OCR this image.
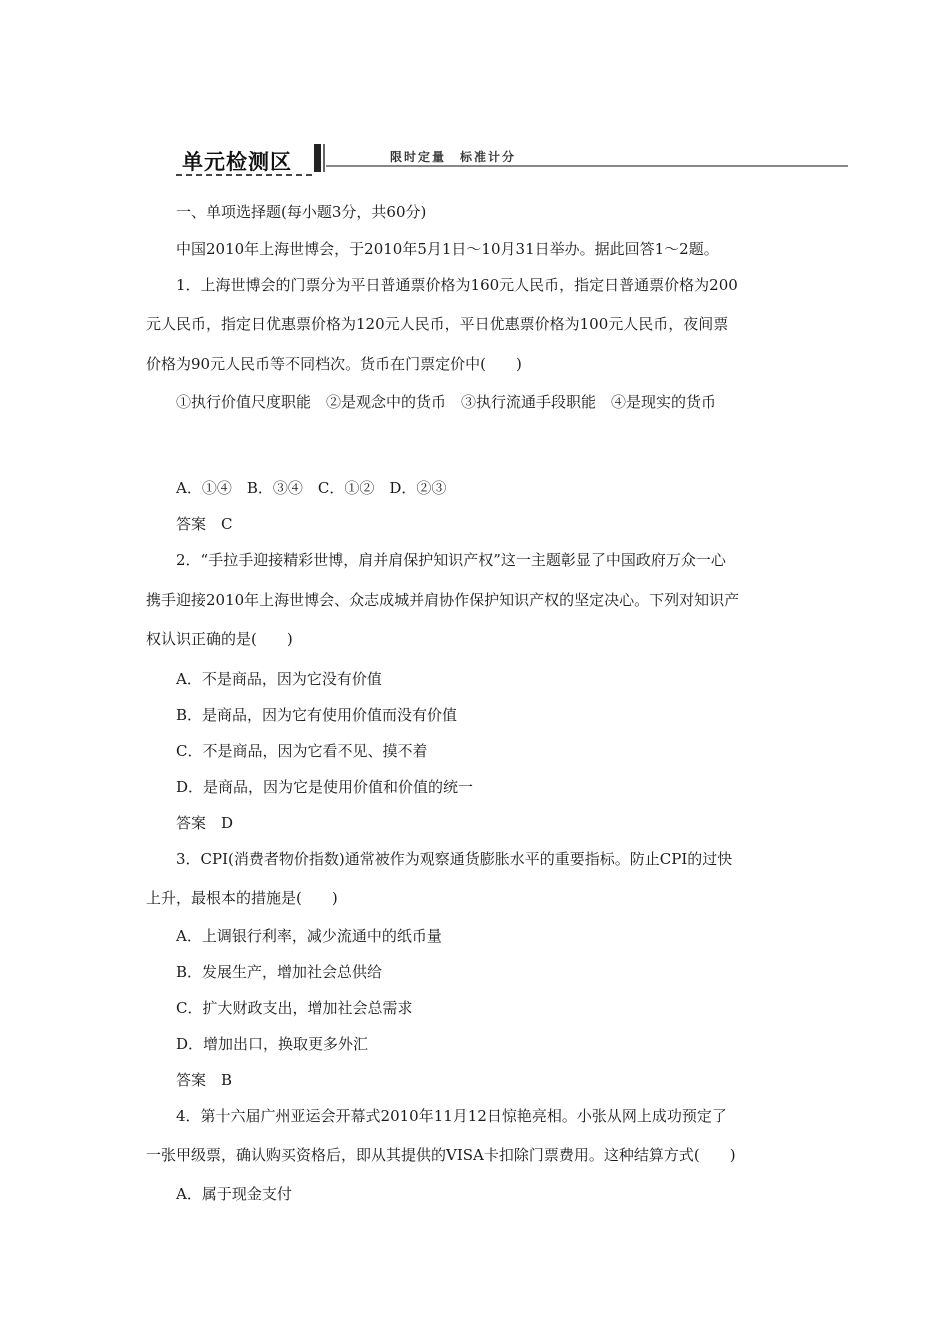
单元检测区	限时定量　标准计分
一、单项选择题(每小题3分，共60分)
中国2010年上海世博会，于2010年5月1日～10月31日举办。据此回答1～2题。
1．上海世博会的门票分为平日普通票价格为160元人民币，指定日普通票价格为200
元人民币，指定日优惠票价格为120元人民币，平日优惠票价格为100元人民币，夜间票
价格为90元人民币等不同档次。货币在门票定价中(　　)
①执行价值尺度职能　②是观念中的货币　③执行流通手段职能　④是现实的货币
A．①④　B．③④　C．①②　D．②③
答案　C
2．“手拉手迎接精彩世博，肩并肩保护知识产权”这一主题彰显了中国政府万众一心
携手迎接2010年上海世博会、众志成城并肩协作保护知识产权的坚定决心。下列对知识产
权认识正确的是(　　)
A．不是商品，因为它没有价值
B．是商品，因为它有使用价值而没有价值
C．不是商品，因为它看不见、摸不着
D．是商品，因为它是使用价值和价值的统一
答案　D
3．CPI(消费者物价指数)通常被作为观察通货膨胀水平的重要指标。防止CPI的过快
上升，最根本的措施是(　　)
A．上调银行利率，减少流通中的纸币量
B．发展生产，增加社会总供给
C．扩大财政支出，增加社会总需求
D．增加出口，换取更多外汇
答案　B
4．第十六届广州亚运会开幕式2010年11月12日惊艳亮相。小张从网上成功预定了
一张甲级票，确认购买资格后，即从其提供的VISA卡扣除门票费用。这种结算方式(　　)
A．属于现金支付
